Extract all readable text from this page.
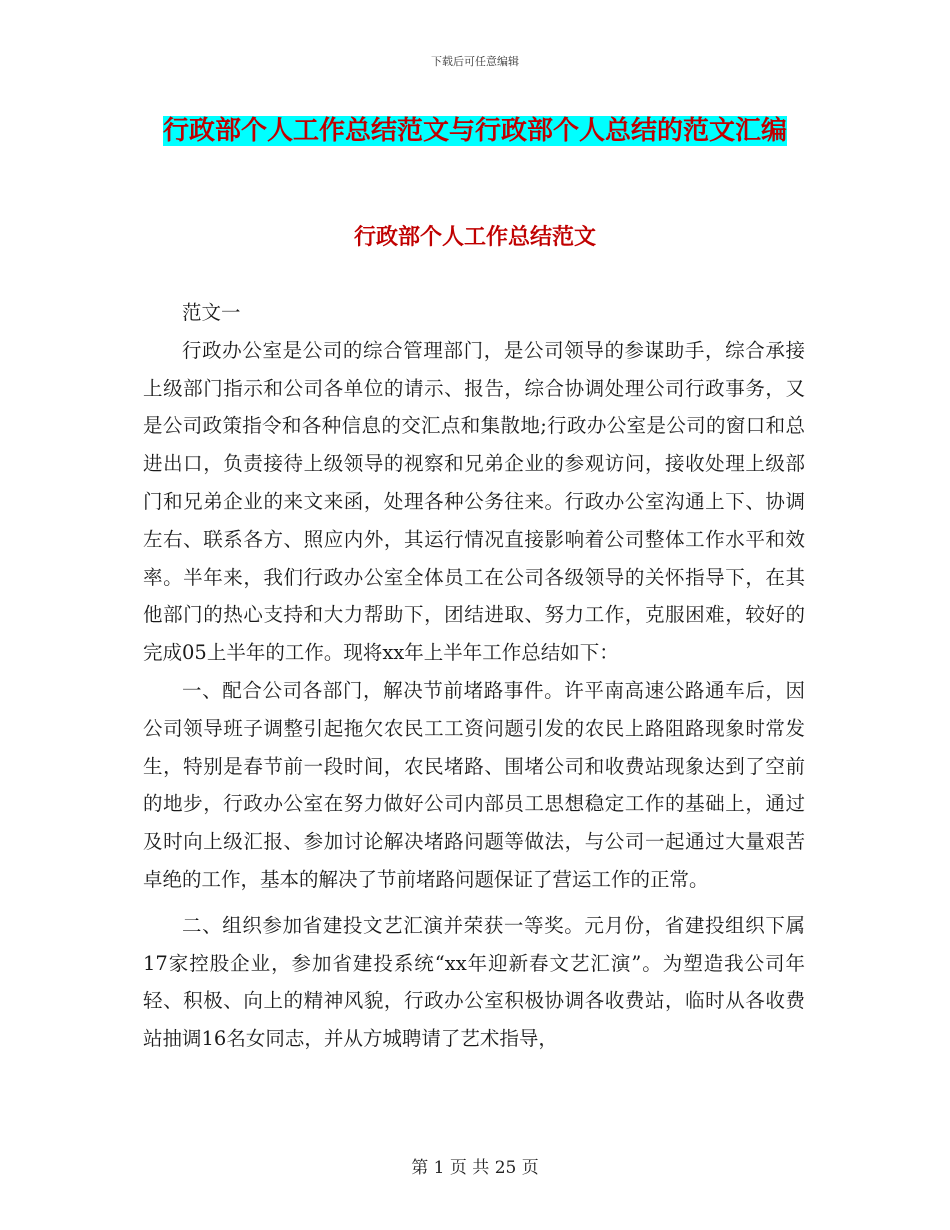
下载后可任意编辑
行政部个人工作总结范文与行政部个人总结的范文汇编
行政部个人工作总结范文

范文一

行政办公室是公司的综合管理部门，是公司领导的参谋助手，综合承接上级部门指示和公司各单位的请示、报告，综合协调处理公司行政事务，又是公司政策指令和各种信息的交汇点和集散地;行政办公室是公司的窗口和总进出口，负责接待上级领导的视察和兄弟企业的参观访问，接收处理上级部门和兄弟企业的来文来函，处理各种公务往来。行政办公室沟通上下、协调左右、联系各方、照应内外，其运行情况直接影响着公司整体工作水平和效率。半年来，我们行政办公室全体员工在公司各级领导的关怀指导下，在其他部门的热心支持和大力帮助下，团结进取、努力工作，克服困难，较好的完成05上半年的工作。现将xx年上半年工作总结如下：

一、配合公司各部门，解决节前堵路事件。许平南高速公路通车后，因公司领导班子调整引起拖欠农民工工资问题引发的农民上路阻路现象时常发生，特别是春节前一段时间，农民堵路、围堵公司和收费站现象达到了空前的地步，行政办公室在努力做好公司内部员工思想稳定工作的基础上，通过及时向上级汇报、参加讨论解决堵路问题等做法，与公司一起通过大量艰苦卓绝的工作，基本的解决了节前堵路问题保证了营运工作的正常。

二、组织参加省建投文艺汇演并荣获一等奖。元月份，省建投组织下属17家控股企业，参加省建投系统“xx年迎新春文艺汇演”。为塑造我公司年轻、积极、向上的精神风貌，行政办公室积极协调各收费站，临时从各收费站抽调16名女同志，并从方城聘请了艺术指导，

第 1 页 共 25 页
